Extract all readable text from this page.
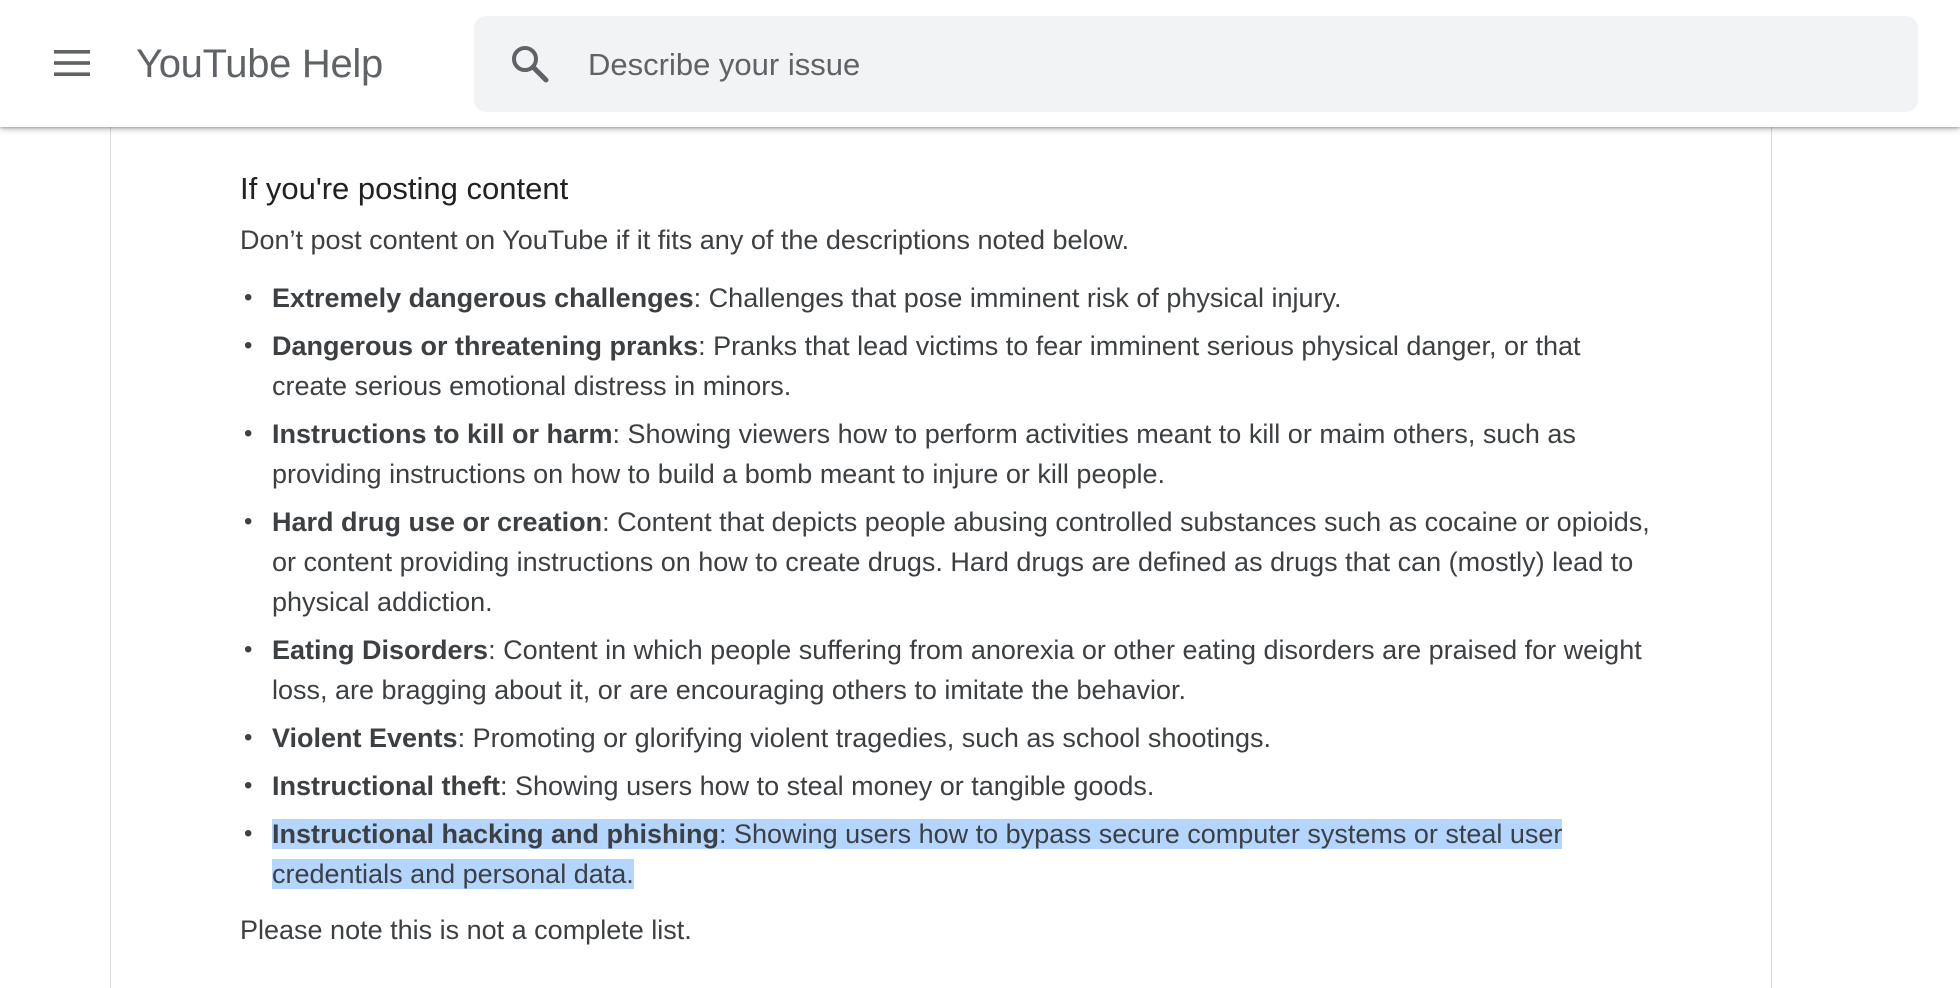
YouTube Help
Describe your issue
If you're posting content

Don’t post content on YouTube if it fits any of the descriptions noted below.

• Extremely dangerous challenges: Challenges that pose imminent risk of physical injury.
• Dangerous or threatening pranks: Pranks that lead victims to fear imminent serious physical danger, or that create serious emotional distress in minors.
• Instructions to kill or harm: Showing viewers how to perform activities meant to kill or maim others, such as providing instructions on how to build a bomb meant to injure or kill people.
• Hard drug use or creation: Content that depicts people abusing controlled substances such as cocaine or opioids, or content providing instructions on how to create drugs. Hard drugs are defined as drugs that can (mostly) lead to physical addiction.
• Eating Disorders: Content in which people suffering from anorexia or other eating disorders are praised for weight loss, are bragging about it, or are encouraging others to imitate the behavior.
• Violent Events: Promoting or glorifying violent tragedies, such as school shootings.
• Instructional theft: Showing users how to steal money or tangible goods.
• Instructional hacking and phishing: Showing users how to bypass secure computer systems or steal user credentials and personal data.

Please note this is not a complete list.
